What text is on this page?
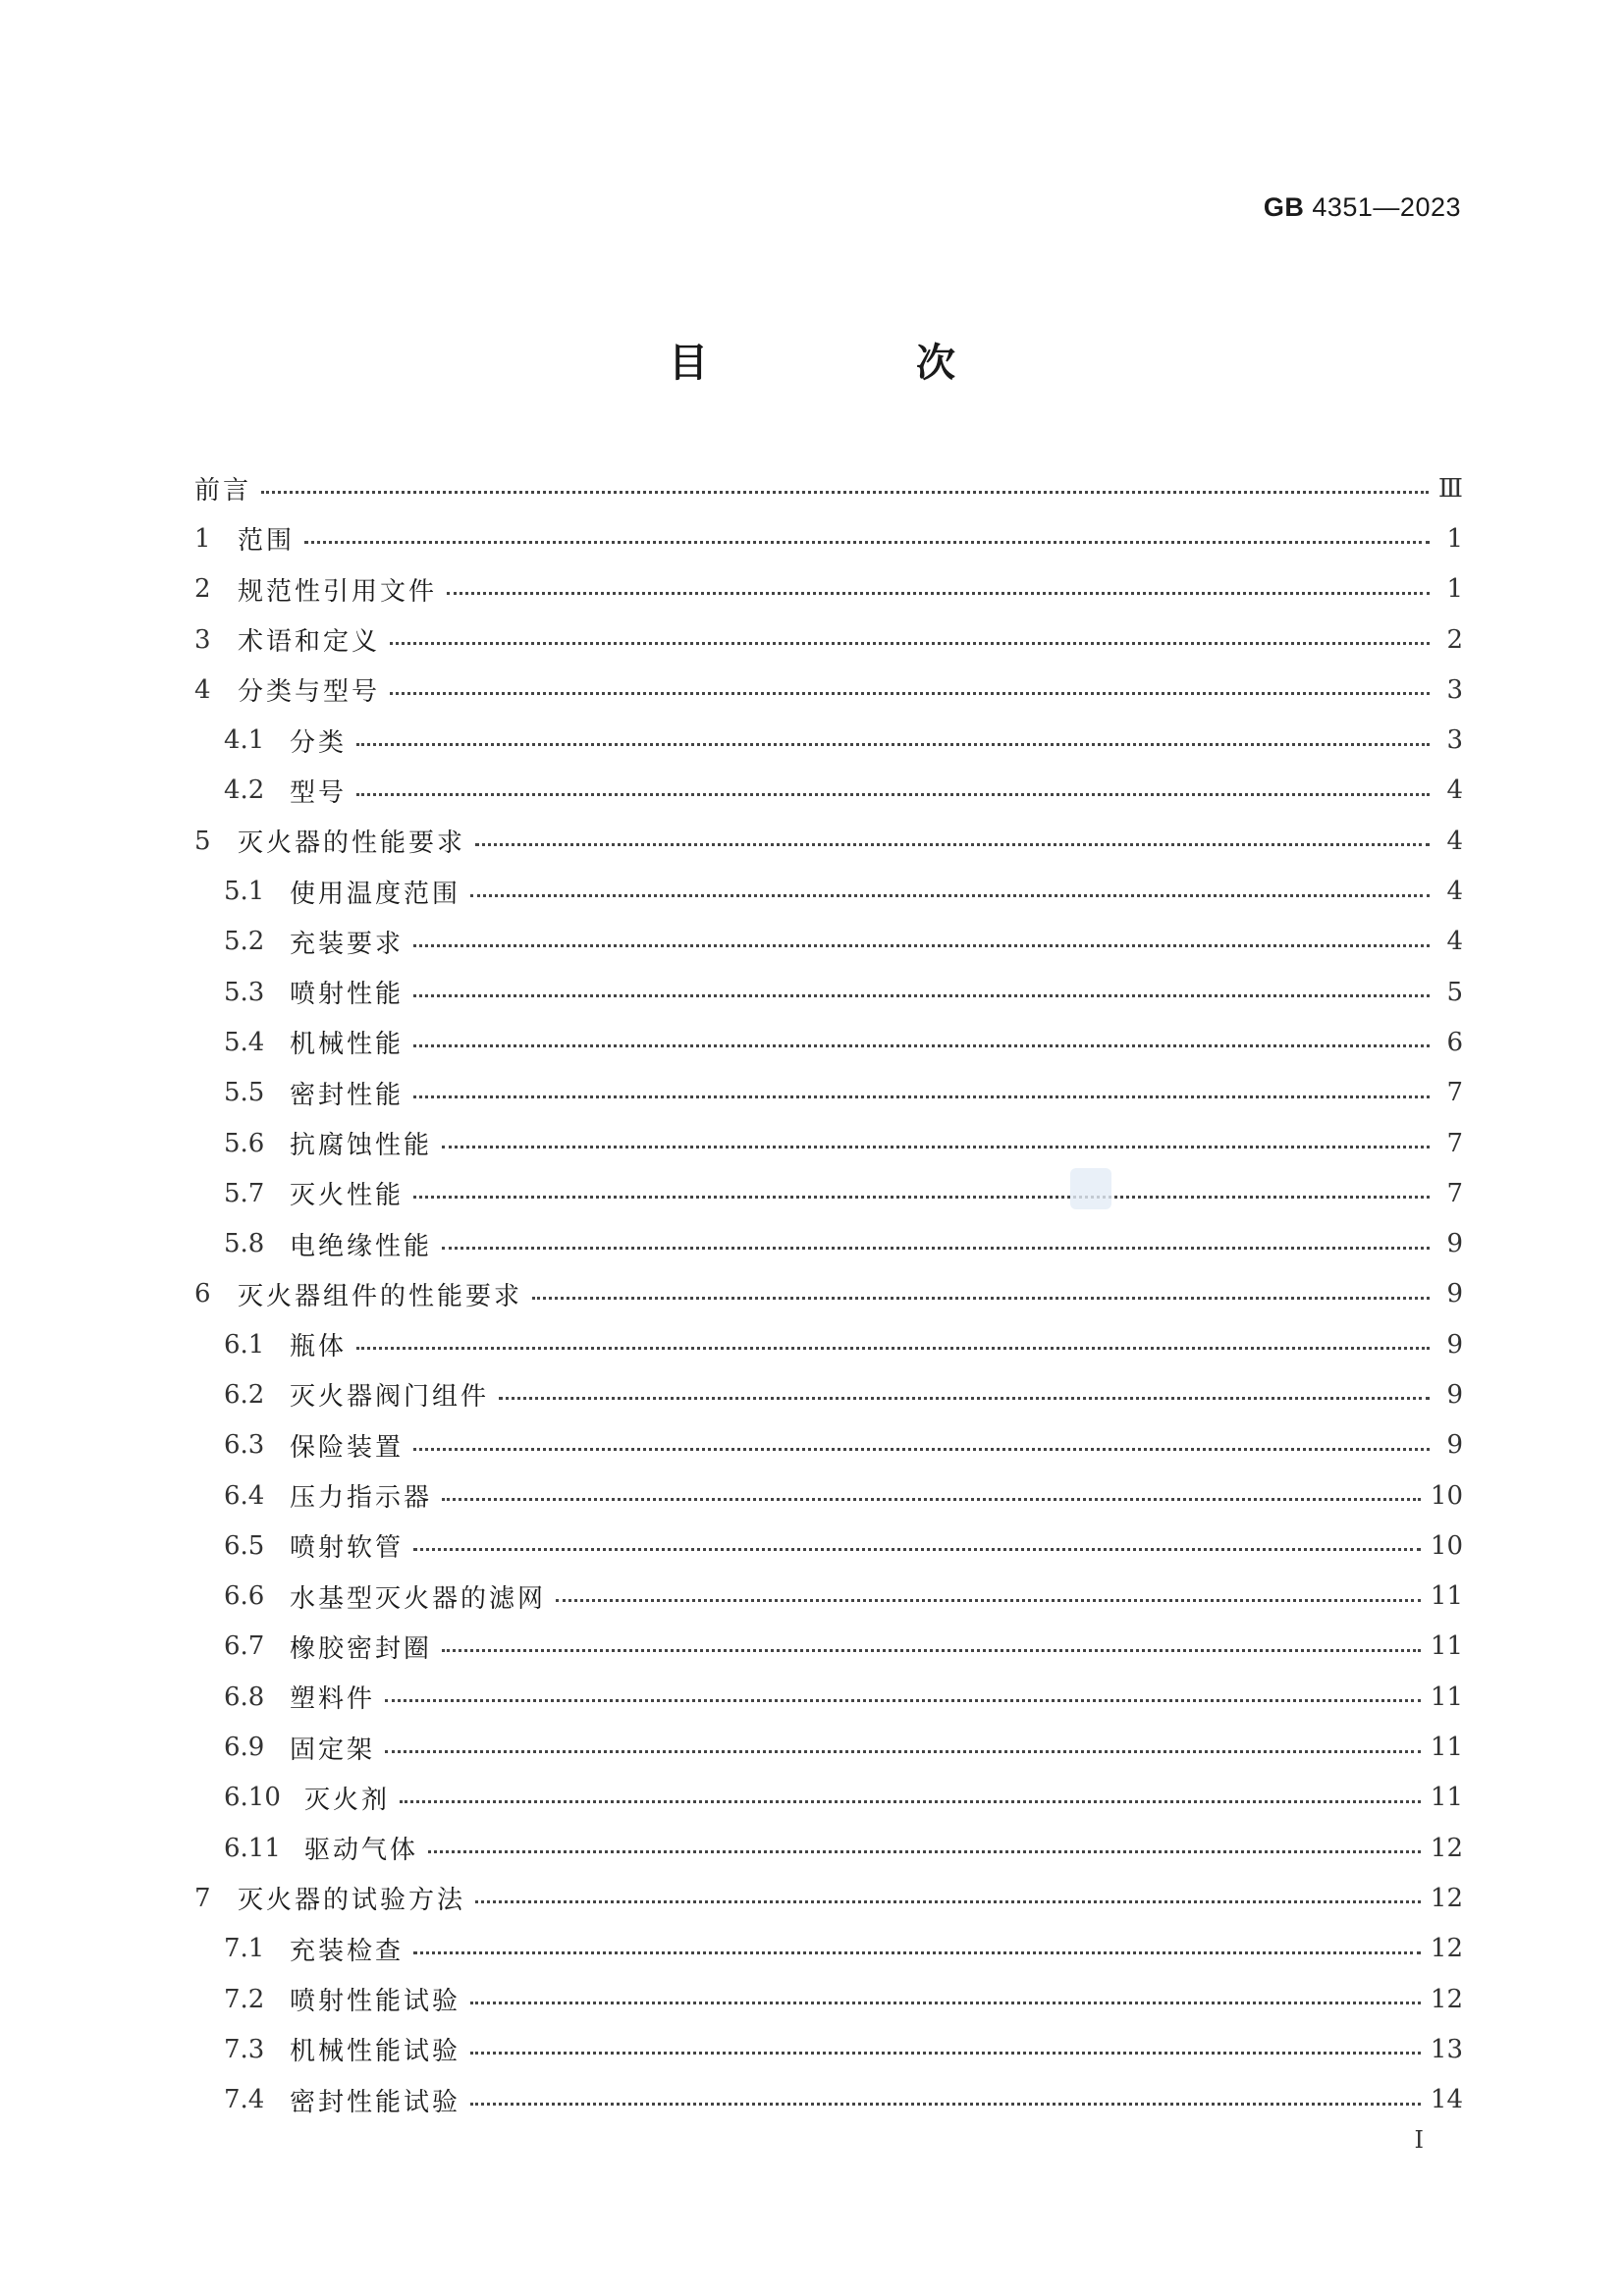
GB 4351—2023
目　次
前言	Ⅲ
1	范围	1
2	规范性引用文件	1
3	术语和定义	2
4	分类与型号	3
4.1 分类	3
4.2 型号	4
5	灭火器的性能要求	4
5.1 使用温度范围	4
5.2 充装要求	4
5.3 喷射性能	5
5.4 机械性能	6
5.5 密封性能	7
5.6 抗腐蚀性能	7
5.7 灭火性能	7
5.8 电绝缘性能	9
6	灭火器组件的性能要求	9
6.1 瓶体	9
6.2 灭火器阀门组件	9
6.3 保险装置	9
6.4 压力指示器	10
6.5 喷射软管	10
6.6 水基型灭火器的滤网	11
6.7 橡胶密封圈	11
6.8 塑料件	11
6.9 固定架	11
6.10 灭火剂	11
6.11 驱动气体	12
7	灭火器的试验方法	12
7.1 充装检查	12
7.2 喷射性能试验	12
7.3 机械性能试验	13
7.4 密封性能试验	14
Ⅰ
